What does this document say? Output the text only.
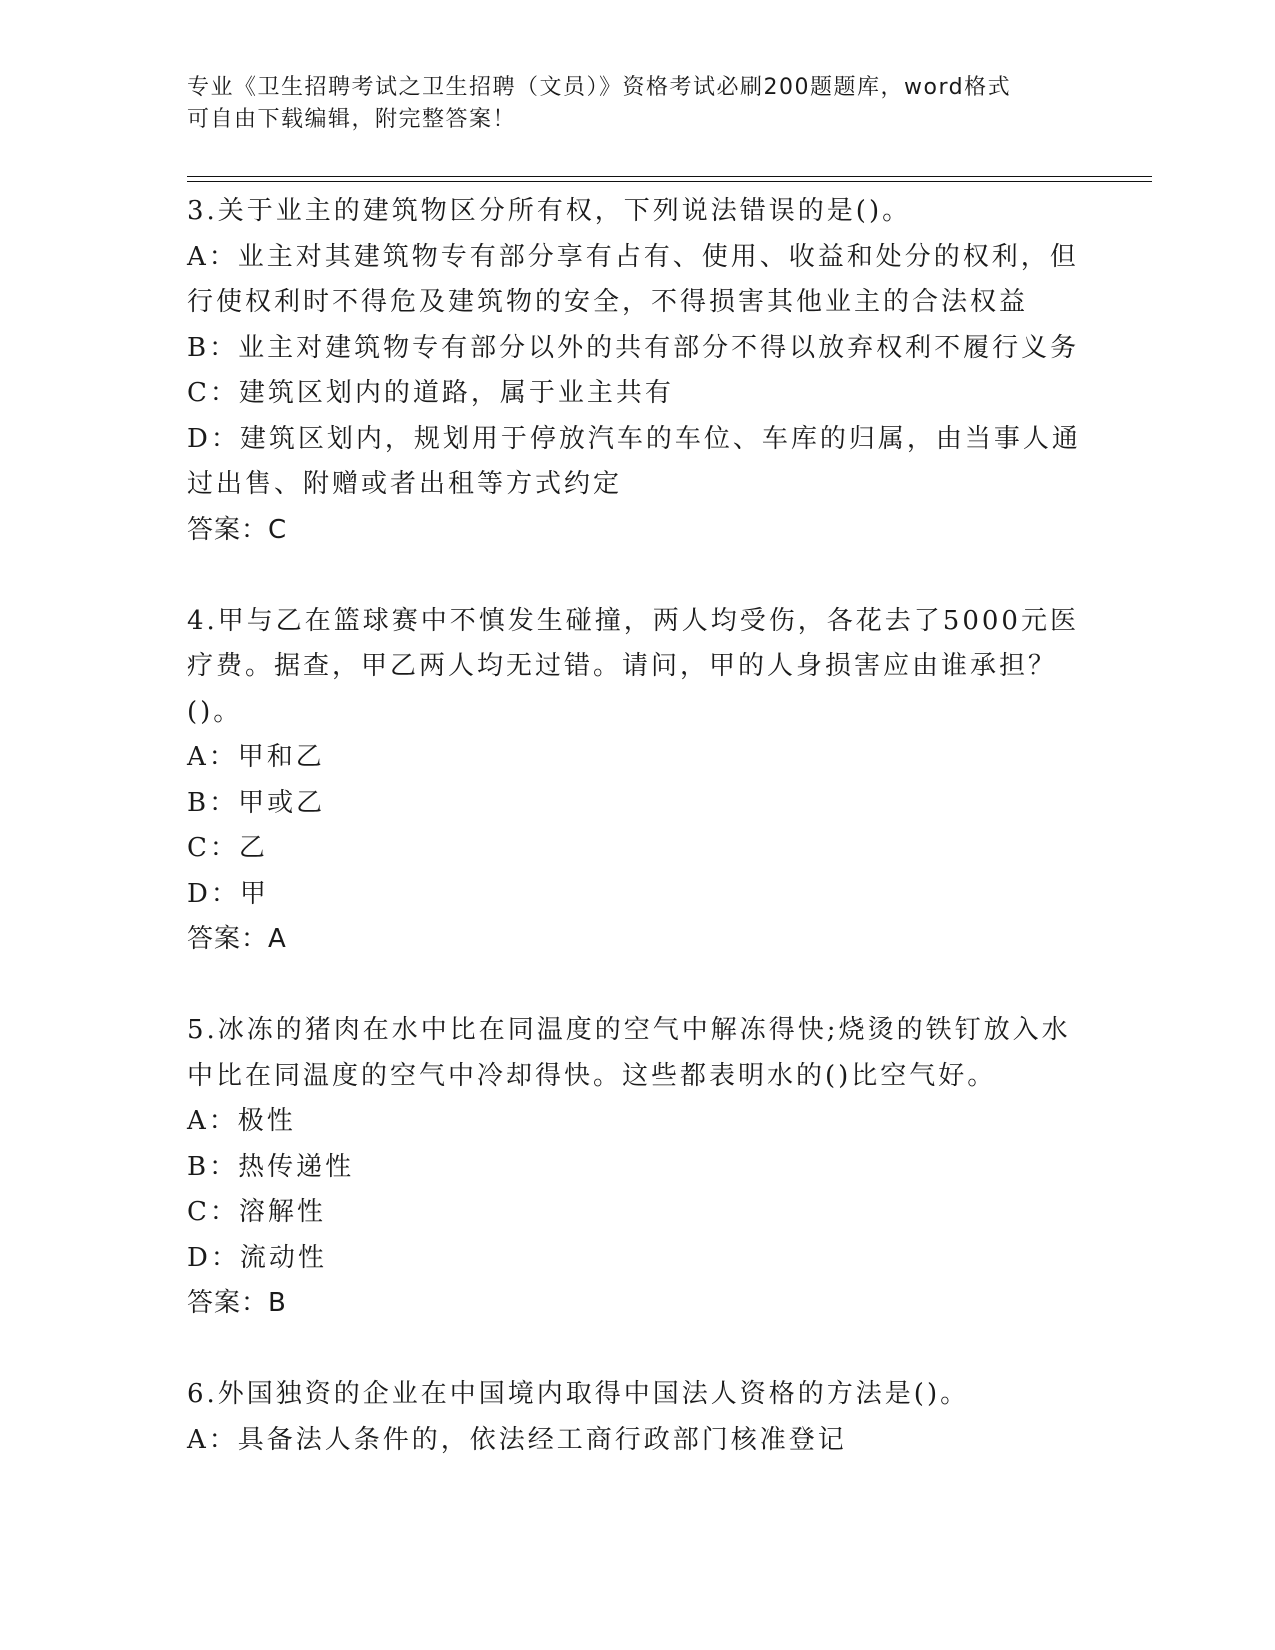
专业《卫生招聘考试之卫生招聘（文员）》资格考试必刷200题题库，word格式
可自由下载编辑，附完整答案！
3.关于业主的建筑物区分所有权，下列说法错误的是()。
A：业主对其建筑物专有部分享有占有、使用、收益和处分的权利，但
行使权利时不得危及建筑物的安全，不得损害其他业主的合法权益
B：业主对建筑物专有部分以外的共有部分不得以放弃权利不履行义务
C：建筑区划内的道路，属于业主共有
D：建筑区划内，规划用于停放汽车的车位、车库的归属，由当事人通
过出售、附赠或者出租等方式约定
答案：C
4.甲与乙在篮球赛中不慎发生碰撞，两人均受伤，各花去了5000元医
疗费。据查，甲乙两人均无过错。请问，甲的人身损害应由谁承担？
()。
A：甲和乙
B：甲或乙
C：乙
D：甲
答案：A
5.冰冻的猪肉在水中比在同温度的空气中解冻得快;烧烫的铁钉放入水
中比在同温度的空气中冷却得快。这些都表明水的()比空气好。
A：极性
B：热传递性
C：溶解性
D：流动性
答案：B
6.外国独资的企业在中国境内取得中国法人资格的方法是()。
A：具备法人条件的，依法经工商行政部门核准登记
